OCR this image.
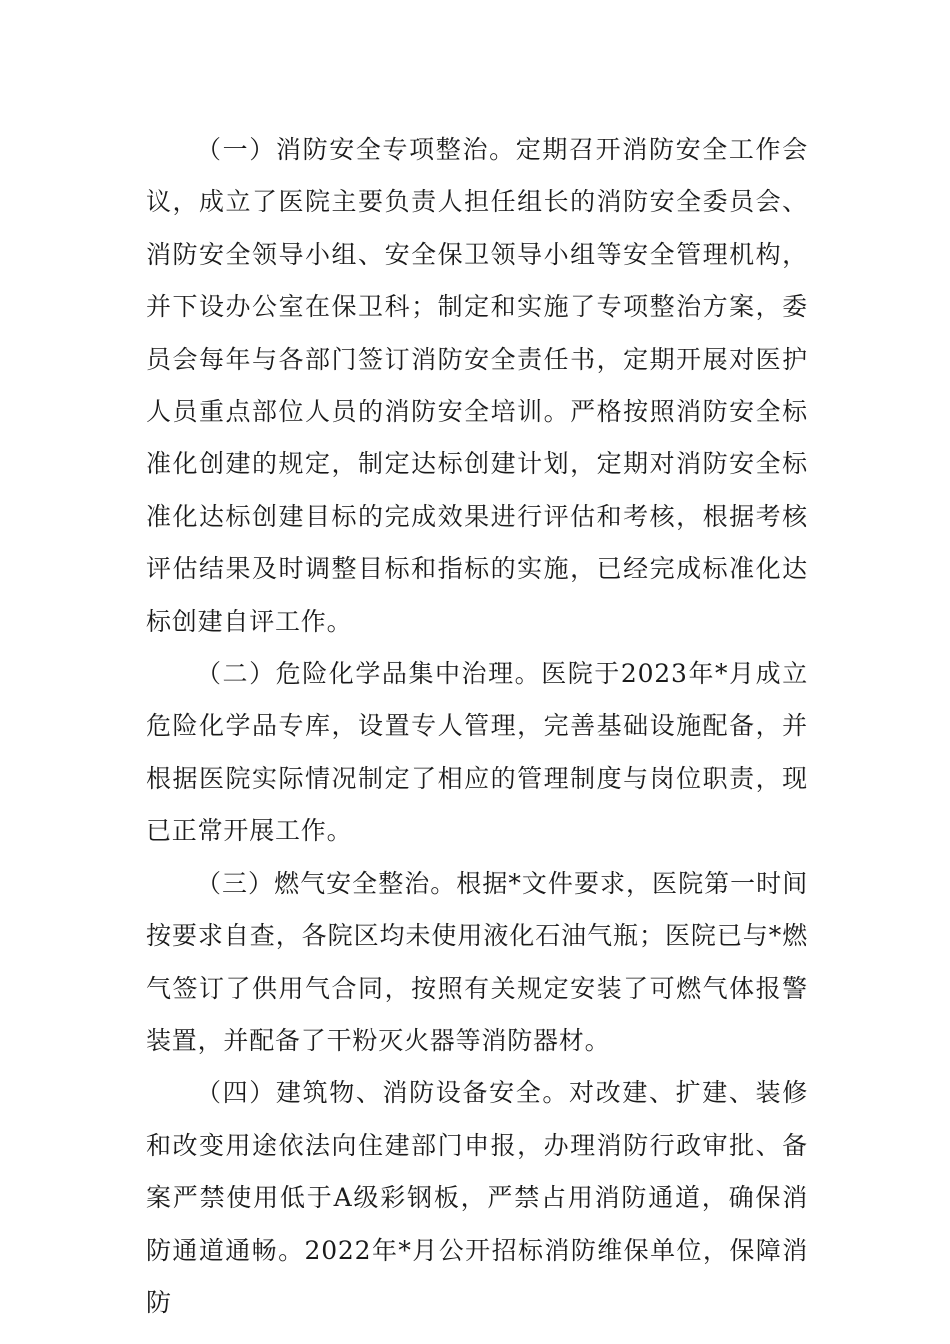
（一）消防安全专项整治。定期召开消防安全工作会议，成立了医院主要负责人担任组长的消防安全委员会、消防安全领导小组、安全保卫领导小组等安全管理机构，并下设办公室在保卫科；制定和实施了专项整治方案，委员会每年与各部门签订消防安全责任书，定期开展对医护人员重点部位人员的消防安全培训。严格按照消防安全标准化创建的规定，制定达标创建计划，定期对消防安全标准化达标创建目标的完成效果进行评估和考核，根据考核评估结果及时调整目标和指标的实施，已经完成标准化达标创建自评工作。

（二）危险化学品集中治理。医院于2023年*月成立危险化学品专库，设置专人管理，完善基础设施配备，并根据医院实际情况制定了相应的管理制度与岗位职责，现已正常开展工作。

（三）燃气安全整治。根据*文件要求，医院第一时间按要求自查，各院区均未使用液化石油气瓶；医院已与*燃气签订了供用气合同，按照有关规定安装了可燃气体报警装置，并配备了干粉灭火器等消防器材。

（四）建筑物、消防设备安全。对改建、扩建、装修和改变用途依法向住建部门申报，办理消防行政审批、备案严禁使用低于A级彩钢板，严禁占用消防通道，确保消防通道通畅。2022年*月公开招标消防维保单位，保障消防
